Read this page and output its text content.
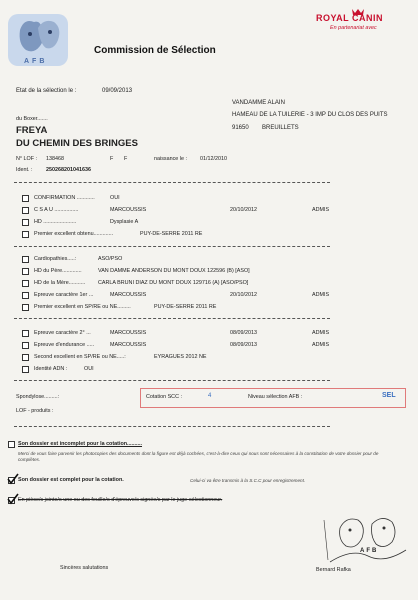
AFB
Commission de Sélection
ROYAL CANIN
En partenariat avec
Etat de la sélection le :	09/09/2013
VANDAMME ALAIN
HAMEAU DE LA TUILERIE - 3 IMP DU CLOS DES PUITS
91650 BREUILLETS
du Boxer.......
FREYA
DU CHEMIN DES BRINGES
N° LOF : 138468	F F	naissance le : 01/12/2010
Ident. :	250268201041636
CONFIRMATION ............	OUI
C S A U ................	MARCOUSSIS	20/10/2012	ADMIS
HD ......................	Dysplasie A
Premier excellent obtenu.............	PUY-DE-SERRE 2011 RE
Cardiopathies.....:	ASO/PSO
HD du Père.............	VAN DAMME ANDERSON DU MONT DOUX 122596 (B) [ASO]
HD de la Mère........... CARLA BRUNI DIAZ DU MONT DOUX 129716 (A) [ASO/PSO]
Epreuve caractère 1er ...	MARCOUSSIS	20/10/2012	ADMIS
Premier excellent en SP/RE ou NE.........	PUY-DE-SERRE 2011 RE
Epreuve caractère 2° ...	MARCOUSSIS	08/09/2013	ADMIS
Epreuve d'endurance .....	MARCOUSSIS	08/09/2013	ADMIS
Second excellent en SP/RE ou NE.....:	EYRAGUES 2012 NE
Identité ADN :	OUI
Spondylose.........:
LOF - produits :
Cotation SCC :	4	Niveau sélection AFB :	SEL
Son dossier est incomplet pour la cotation..........
Merci de vous faire parvenir les photocopies des documents dont la figure est déjà cochées, c'est-à-dire ceux qui nous sont nécessaires à la constitution de votre dossier pour de complètes.
Son dossier est complet pour la cotation.	Celui-ci va être transmis à la S.C.C pour enregistrement.
En pièce/s jointe/s une ou des feuille/s d'épreuve/s signée/s par le juge-sélectionneur.
Sincères salutations	Bernard Rafka
AFB
